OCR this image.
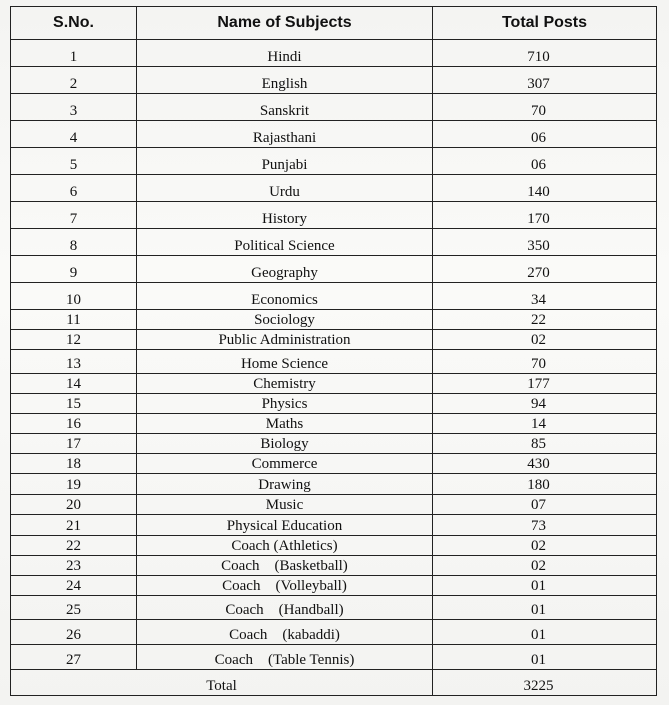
S.No.	Name of Subjects	Total Posts
1	Hindi	710
2	English	307
3	Sanskrit	70
4	Rajasthani	06
5	Punjabi	06
6	Urdu	140
7	History	170
8	Political Science	350
9	Geography	270
10	Economics	34
11	Sociology	22
12	Public Administration	02
13	Home Science	70
14	Chemistry	177
15	Physics	94
16	Maths	14
17	Biology	85
18	Commerce	430
19	Drawing	180
20	Music	07
21	Physical Education	73
22	Coach (Athletics)	02
23	Coach    (Basketball)	02
24	Coach    (Volleyball)	01
25	Coach    (Handball)	01
26	Coach    (kabaddi)	01
27	Coach    (Table Tennis)	01
Total		3225
